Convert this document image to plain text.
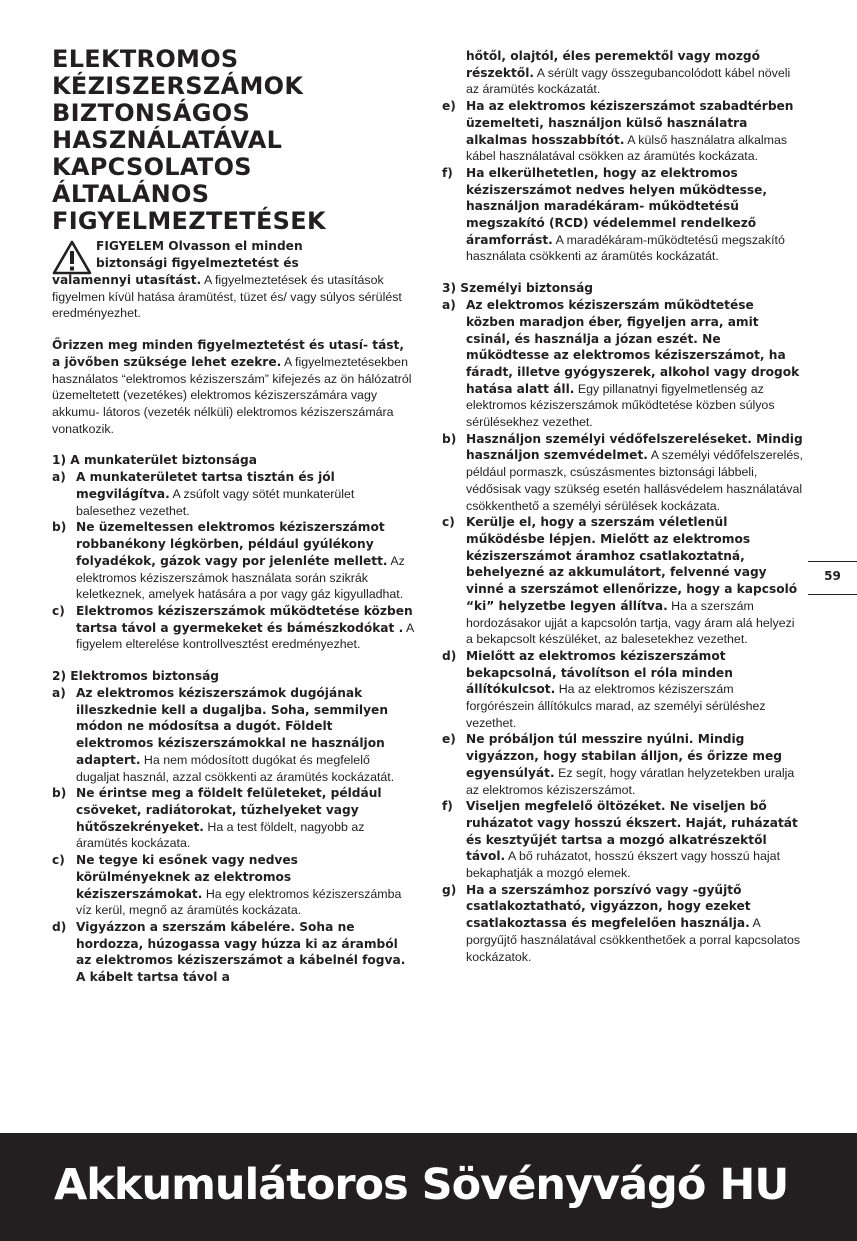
ELEKTROMOS
KÉZISZERSZÁMOK
BIZTONSÁGOS
HASZNÁLATÁVAL
KAPCSOLATOS
ÁLTALÁNOS
FIGYELMEZTETÉSEK
FIGYELEM Olvasson el minden
biztonsági figyelmeztetést és
valamennyi utasítást. A figyelmeztetések és utasítások figyelmen kívül hatása áramütést, tüzet és/ vagy súlyos sérülést eredményezhet.

Őrizzen meg minden figyelmeztetést és utasí- tást, a jövőben szüksége lehet ezekre. A figyelmeztetésekben használatos “elektromos kéziszerszám” kifejezés az ön hálózatról üzemeltetett (vezetékes) elektromos kéziszerszámára vagy akkumu- látoros (vezeték nélküli) elektromos kéziszerszámára vonatkozik.

1) A munkaterület biztonsága

a) A munkaterületet tartsa tisztán és jól megvilágítva. A zsúfolt vagy sötét munkaterület balesethez vezethet.

b) Ne üzemeltessen elektromos kéziszerszámot robbanékony légkörben, például gyúlékony folyadékok, gázok vagy por jelenléte mellett. Az elektromos kéziszerszámok használata során szikrák keletkeznek, amelyek hatására a por vagy gáz kigyulladhat.

c) Elektromos kéziszerszámok működtetése közben tartsa távol a gyermekeket és bámészkodókat . A figyelem elterelése kontrollvesztést eredményezhet.

2) Elektromos biztonság

a) Az elektromos kéziszerszámok dugójának illeszkednie kell a dugaljba. Soha, semmilyen módon ne módosítsa a dugót. Földelt elektromos kéziszerszámokkal ne használjon adaptert. Ha nem módosított dugókat és megfelelő dugaljat használ, azzal csökkenti az áramütés kockázatát.

b) Ne érintse meg a földelt felületeket, például csöveket, radiátorokat, tűzhelyeket vagy hűtőszekrényeket. Ha a test földelt, nagyobb az áramütés kockázata.

c) Ne tegye ki esőnek vagy nedves körülményeknek az elektromos kéziszerszámokat. Ha egy elektromos kéziszerszámba víz kerül, megnő az áramütés kockázata.

d) Vigyázzon a szerszám kábelére. Soha ne hordozza, húzogassa vagy húzza ki az áramból az elektromos kéziszerszámot a kábelnél fogva. A kábelt tartsa távol a

hőtől, olajtól, éles peremektől vagy mozgó részektől. A sérült vagy összegubancolódott kábel növeli az áramütés kockázatát.

e) Ha az elektromos kéziszerszámot szabadtérben üzemelteti, használjon külső használatra alkalmas hosszabbítót. A külső használatra alkalmas kábel használatával csökken az áramütés kockázata.

f) Ha elkerülhetetlen, hogy az elektromos kéziszerszámot nedves helyen működtesse, használjon maradékáram- működtetésű megszakító (RCD) védelemmel rendelkező áramforrást. A maradékáram-működtetésű megszakító használata csökkenti az áramütés kockázatát.

3) Személyi biztonság

a) Az elektromos kéziszerszám működtetése közben maradjon éber, figyeljen arra, amit csinál, és használja a józan eszét. Ne működtesse az elektromos kéziszerszámot, ha fáradt, illetve gyógyszerek, alkohol vagy drogok hatása alatt áll. Egy pillanatnyi figyelmetlenség az elektromos kéziszerszámok működtetése közben súlyos sérülésekhez vezethet.

b) Használjon személyi védőfelszereléseket. Mindig használjon szemvédelmet. A személyi védőfelszerelés, például pormaszk, csúszásmentes biztonsági lábbeli, védősisak vagy szükség esetén hallásvédelem használatával csökkenthető a személyi sérülések kockázata.

c) Kerülje el, hogy a szerszám véletlenül működésbe lépjen. Mielőtt az elektromos kéziszerszámot áramhoz csatlakoztatná, behelyezné az akkumulátort, felvenné vagy vinné a szerszámot ellenőrizze, hogy a kapcsoló “ki” helyzetbe legyen állítva. Ha a szerszám hordozásakor ujját a kapcsolón tartja, vagy áram alá helyezi a bekapcsolt készüléket, az balesetekhez vezethet.

d) Mielőtt az elektromos kéziszerszámot bekapcsolná, távolítson el róla minden állítókulcsot. Ha az elektromos kéziszerszám forgórészein állítókulcs marad, az személyi sérüléshez vezethet.

e) Ne próbáljon túl messzire nyúlni. Mindig vigyázzon, hogy stabilan álljon, és őrizze meg egyensúlyát. Ez segít, hogy váratlan helyzetekben uralja az elektromos kéziszerszámot.

f) Viseljen megfelelő öltözéket. Ne viseljen bő ruházatot vagy hosszú ékszert. Haját, ruházatát és kesztyűjét tartsa a mozgó alkatrészektől távol. A bő ruházatot, hosszú ékszert vagy hosszú hajat bekaphatják a mozgó elemek.

g) Ha a szerszámhoz porszívó vagy -gyűjtő csatlakoztatható, vigyázzon, hogy ezeket csatlakoztassa és megfelelően használja. A porgyűjtő használatával csökkenthetőek a porral kapcsolatos kockázatok.

59
Akkumulátoros Sövényvágó HU
